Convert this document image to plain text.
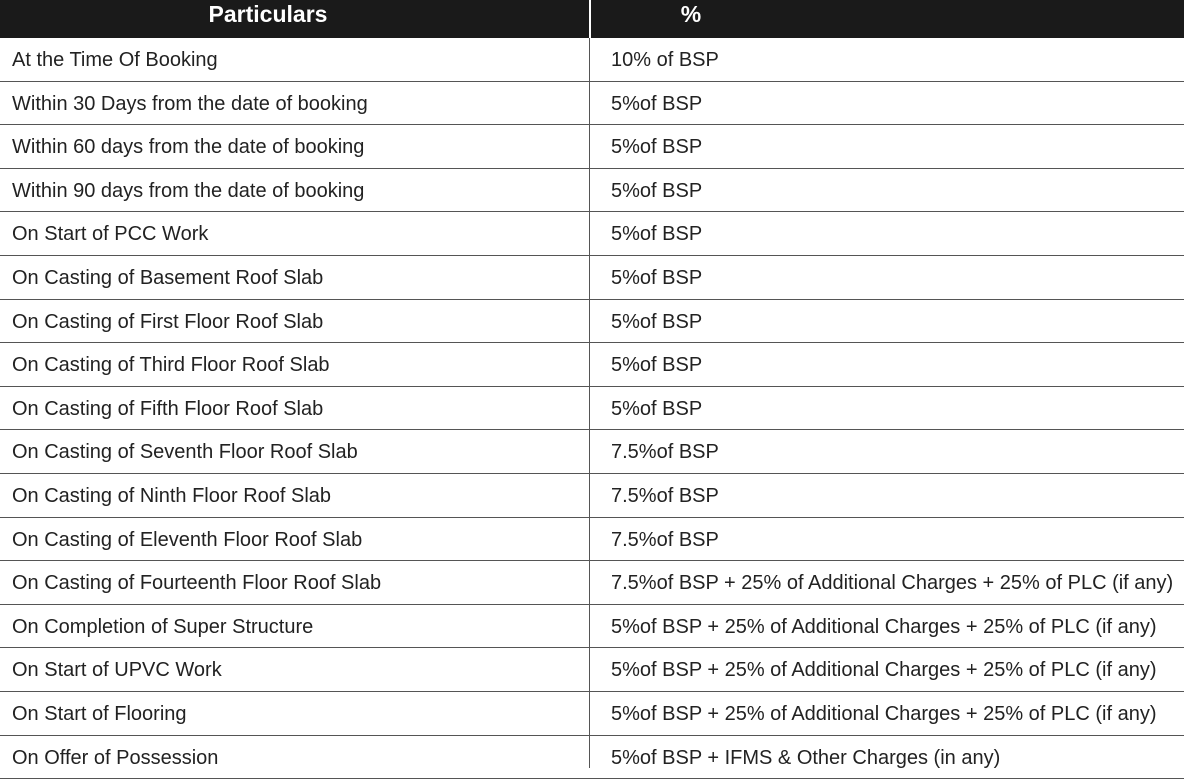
Particulars	%
At the Time Of Booking	10% of BSP
Within 30 Days from the date of booking	5%of BSP
Within 60 days from the date of booking	5%of BSP
Within 90 days from the date of booking	5%of BSP
On Start of PCC Work	5%of BSP
On Casting of Basement Roof Slab	5%of BSP
On Casting of First Floor Roof Slab	5%of BSP
On Casting of Third Floor Roof Slab	5%of BSP
On Casting of Fifth Floor Roof Slab	5%of BSP
On Casting of Seventh Floor Roof Slab	7.5%of BSP
On Casting of Ninth Floor Roof Slab	7.5%of BSP
On Casting of Eleventh Floor Roof Slab	7.5%of BSP
On Casting of Fourteenth Floor Roof Slab	7.5%of BSP + 25% of Additional Charges + 25% of PLC (if any)
On Completion of Super Structure	5%of BSP + 25% of Additional Charges + 25% of PLC (if any)
On Start of UPVC Work	5%of BSP + 25% of Additional Charges + 25% of PLC (if any)
On Start of Flooring	5%of BSP + 25% of Additional Charges + 25% of PLC (if any)
On Offer of Possession	5%of BSP + IFMS & Other Charges (in any)
